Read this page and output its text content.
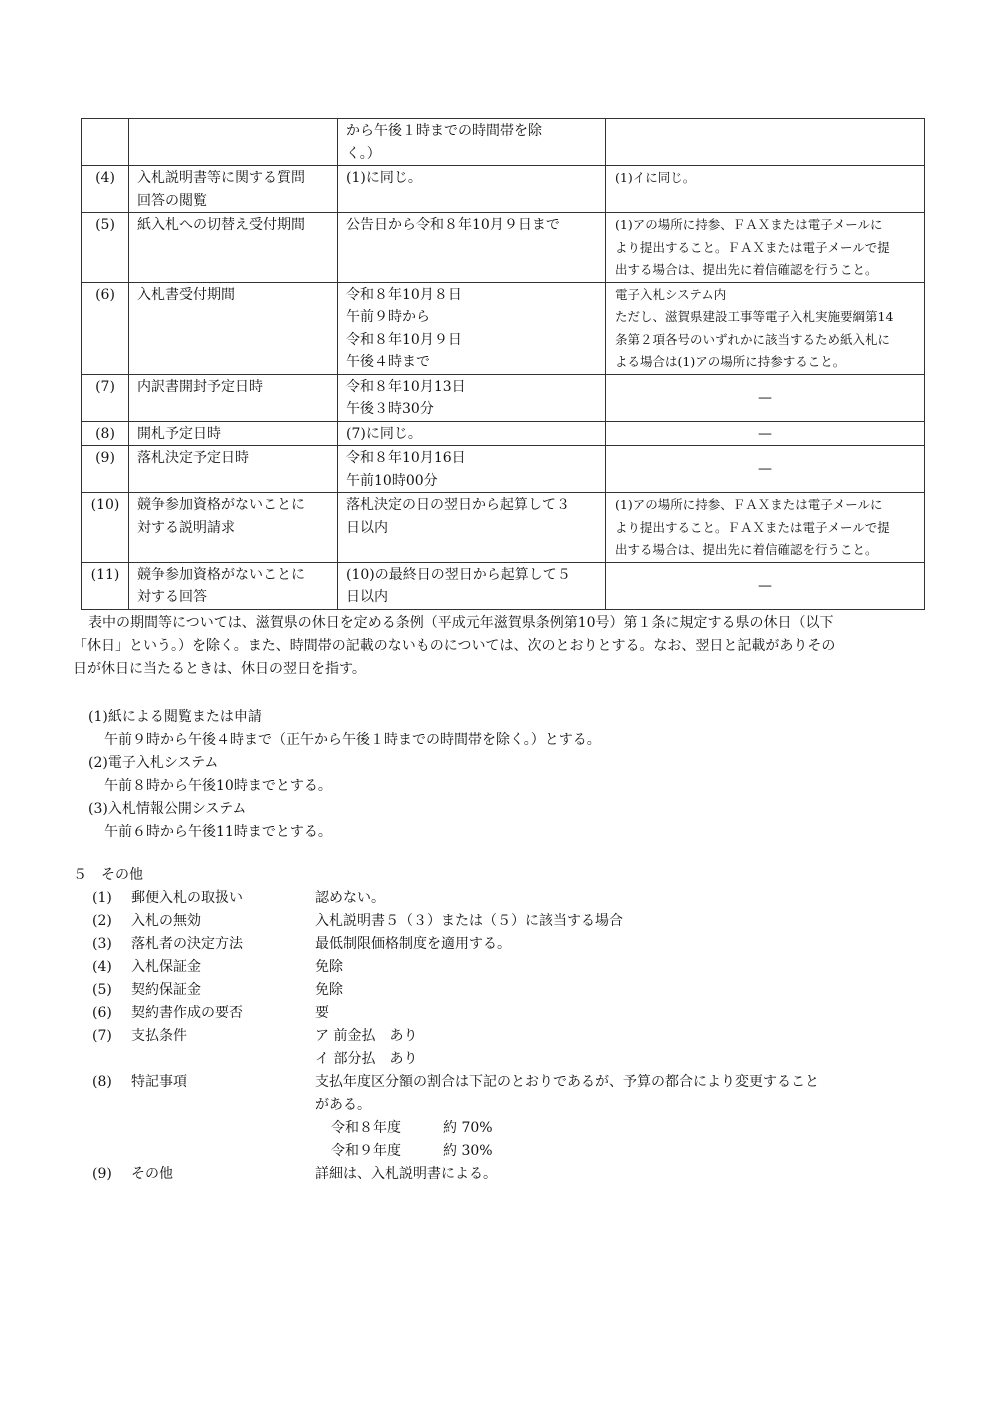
		から午後１時までの時間帯を除
く。）	

(4)	入札説明書等に関する質問
回答の閲覧	(1)に同じ。	(1)イに同じ。

(5)	紙入札への切替え受付期間	公告日から令和８年10月９日まで	(1)アの場所に持参、ＦＡＸまたは電子メールに
より提出すること。ＦＡＸまたは電子メールで提
出する場合は、提出先に着信確認を行うこと。

(6)	入札書受付期間	令和８年10月８日
午前９時から
令和８年10月９日
午後４時まで	電子入札システム内
ただし、滋賀県建設工事等電子入札実施要綱第14
条第２項各号のいずれかに該当するため紙入札に
よる場合は(1)アの場所に持参すること。

(7)	内訳書開封予定日時	令和８年10月13日
午後３時30分	—

(8)	開札予定日時	(7)に同じ。	—

(9)	落札決定予定日時	令和８年10月16日
午前10時00分	—

(10)	競争参加資格がないことに
対する説明請求	落札決定の日の翌日から起算して３
日以内	(1)アの場所に持参、ＦＡＸまたは電子メールに
より提出すること。ＦＡＸまたは電子メールで提
出する場合は、提出先に着信確認を行うこと。

(11)	競争参加資格がないことに
対する回答	(10)の最終日の翌日から起算して５
日以内	—

表中の期間等については、滋賀県の休日を定める条例（平成元年滋賀県条例第10号）第１条に規定する県の休日（以下

「休日」という。）を除く。また、時間帯の記載のないものについては、次のとおりとする。なお、翌日と記載がありその

日が休日に当たるときは、休日の翌日を指す。

(1)紙による閲覧または申請
午前９時から午後４時まで（正午から午後１時までの時間帯を除く。）とする。
(2)電子入札システム
午前８時から午後10時までとする。
(3)入札情報公開システム
午前６時から午後11時までとする。
５　その他
(1) 郵便入札の取扱い	認めない。
(2) 入札の無効	入札説明書５（３）または（５）に該当する場合
(3) 落札者の決定方法	最低制限価格制度を適用する。
(4) 入札保証金	免除
(5) 契約保証金	免除
(6) 契約書作成の要否	要
(7) 支払条件	ア 前金払　あり
イ 部分払　あり
(8) 特記事項	支払年度区分額の割合は下記のとおりであるが、予算の都合により変更すること
がある。
令和８年度　　　	約 70%
令和９年度　　　	約 30%
(9) その他	詳細は、入札説明書による。
